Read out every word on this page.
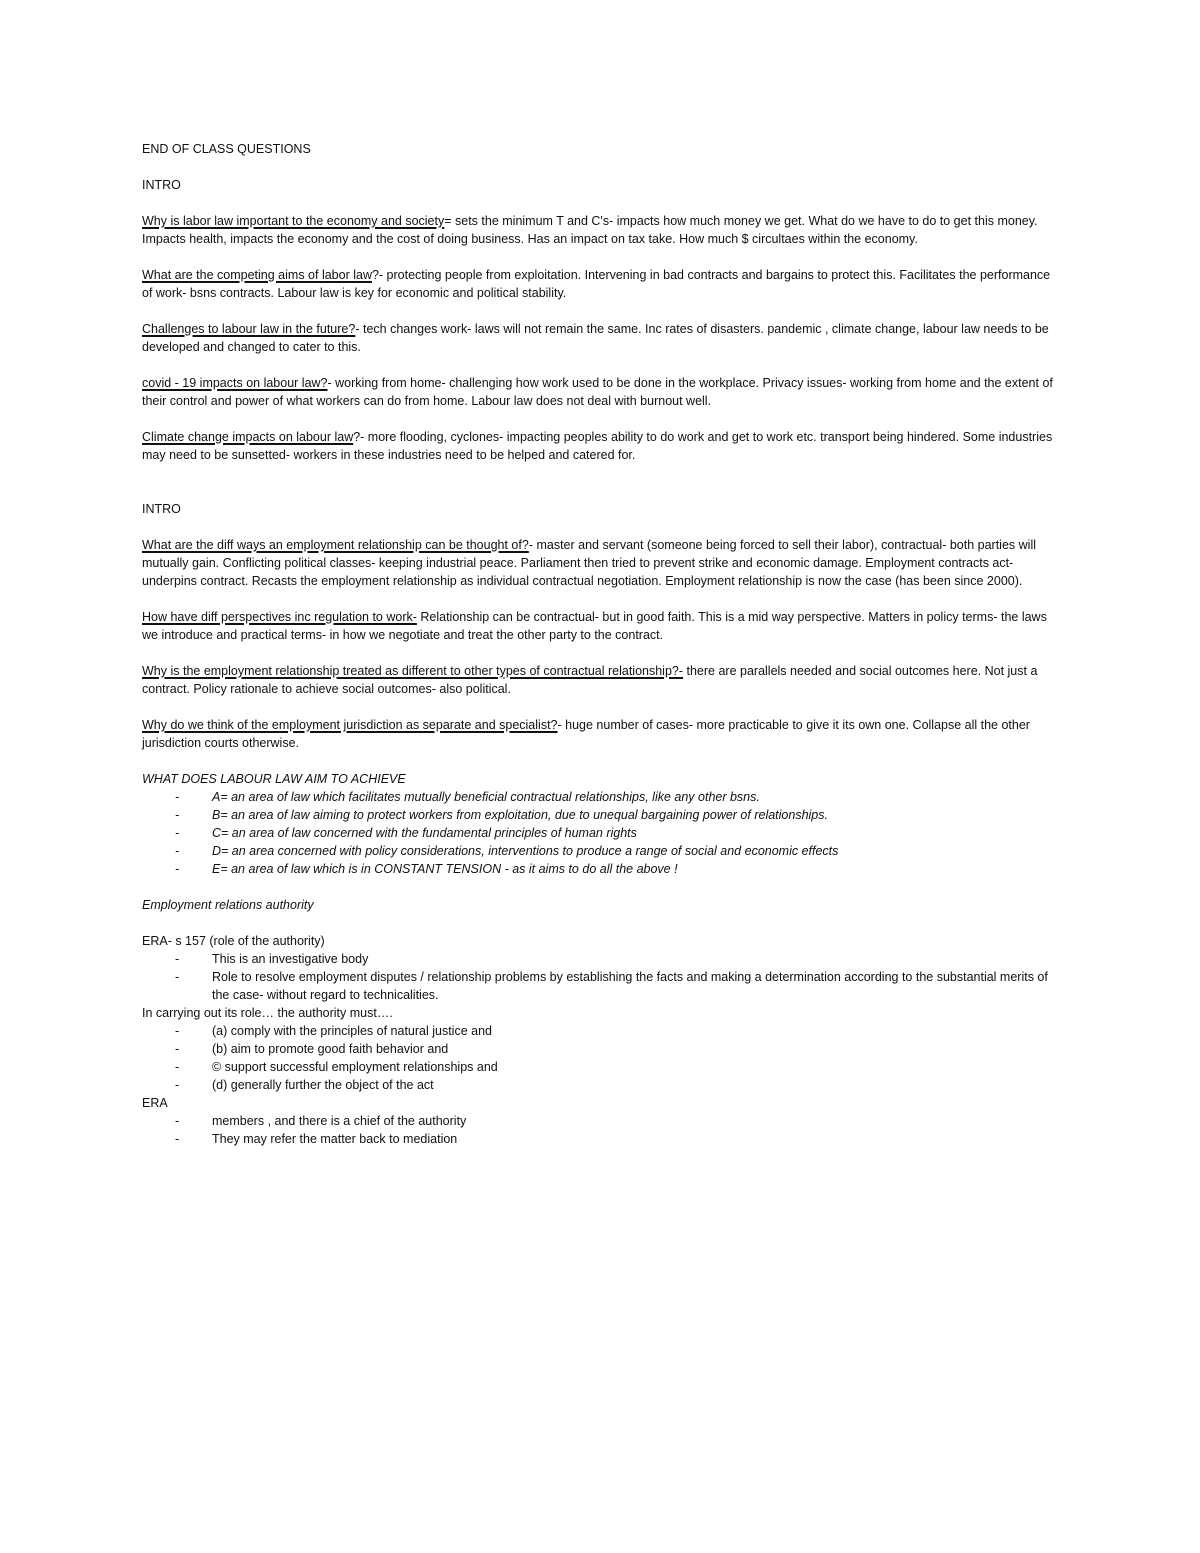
END OF CLASS QUESTIONS

INTRO

Why is labor law important to the economy and society= sets the minimum T and C's- impacts how much money we get. What do we have to do to get this money. Impacts health, impacts the economy and the cost of doing business. Has an impact on tax take. How much $ circultaes within the economy.

What are the competing aims of labor law?- protecting people from exploitation. Intervening in bad contracts and bargains to protect this. Facilitates the performance of work- bsns contracts. Labour law is key for economic and political stability.

Challenges to labour law in the future?- tech changes work- laws will not remain the same. Inc rates of disasters. pandemic , climate change, labour law needs to be developed and changed to cater to this.

covid - 19 impacts on labour law?- working from home- challenging how work used to be done in the workplace. Privacy issues- working from home and the extent of their control and power of what workers can do from home. Labour law does not deal with burnout well.

Climate change impacts on labour law?- more flooding, cyclones- impacting peoples ability to do work and get to work etc. transport being hindered. Some industries may need to be sunsetted- workers in these industries need to be helped and catered for.

INTRO

What are the diff ways an employment relationship can be thought of?- master and servant (someone being forced to sell their labor), contractual- both parties will mutually gain. Conflicting political classes- keeping industrial peace. Parliament then tried to prevent strike and economic damage. Employment contracts act- underpins contract. Recasts the employment relationship as individual contractual negotiation. Employment relationship is now the case (has been since 2000).

How have diff perspectives inc regulation to work- Relationship can be contractual- but in good faith. This is a mid way perspective. Matters in policy terms- the laws we introduce and practical terms- in how we negotiate and treat the other party to the contract.

Why is the employment relationship treated as different to other types of contractual relationship?- there are parallels needed and social outcomes here. Not just a contract. Policy rationale to achieve social outcomes- also political.

Why do we think of the employment jurisdiction as separate and specialist?- huge number of cases- more practicable to give it its own one. Collapse all the other jurisdiction courts otherwise.

WHAT DOES LABOUR LAW AIM TO ACHIEVE

-	A= an area of law which facilitates mutually beneficial contractual relationships, like any other bsns.
-	B= an area of law aiming to protect workers from exploitation, due to unequal bargaining power of relationships.
-	C= an area of law concerned with the fundamental principles of human rights
-	D= an area concerned with policy considerations, interventions to produce a range of social and economic effects
-	E= an area of law which is in CONSTANT TENSION - as it aims to do all the above !

Employment relations authority

ERA- s 157 (role of the authority)

-	This is an investigative body
-	Role to resolve employment disputes / relationship problems by establishing the facts and making a determination according to the substantial merits of the case- without regard to technicalities.

In carrying out its role… the authority must….

-	(a) comply with the principles of natural justice and
-	(b) aim to promote good faith behavior and
-	© support successful employment relationships and
-	(d) generally further the object of the act

ERA

-	members , and there is a chief of the authority
-	They may refer the matter back to mediation
